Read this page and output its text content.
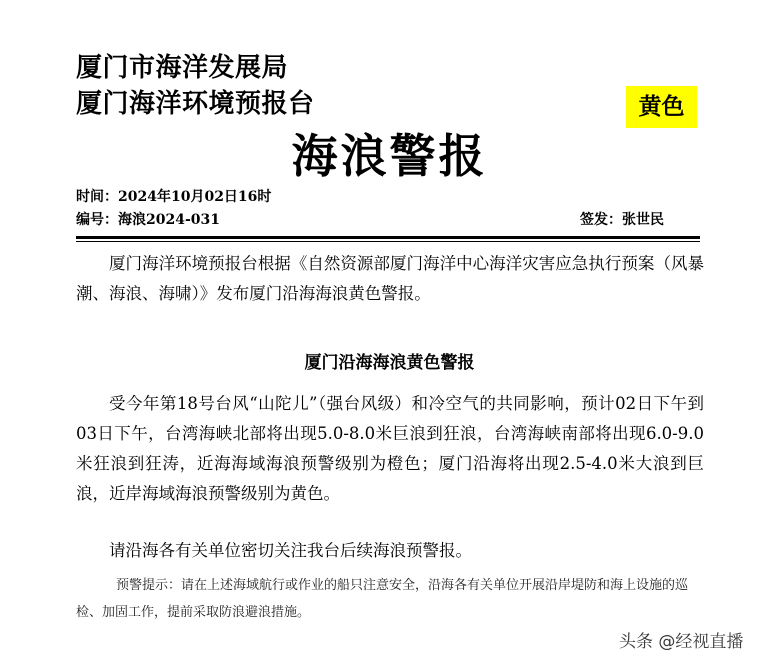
厦门市海洋发展局
厦门海洋环境预报台	黄色
海浪警报
时间：2024年10月02日16时
编号：海浪2024-031	签发：张世民
厦门海洋环境预报台根据《自然资源部厦门海洋中心海洋灾害应急执行预案（风暴潮、海浪、海啸）》发布厦门沿海海浪黄色警报。
厦门沿海海浪黄色警报
受今年第18号台风“山陀儿”（强台风级）和冷空气的共同影响，预计02日下午到03日下午，台湾海峡北部将出现5.0-8.0米巨浪到狂浪，台湾海峡南部将出现6.0-9.0米狂浪到狂涛，近海海域海浪预警级别为橙色；厦门沿海将出现2.5-4.0米大浪到巨浪，近岸海域海浪预警级别为黄色。
请沿海各有关单位密切关注我台后续海浪预警报。
预警提示：请在上述海域航行或作业的船只注意安全，沿海各有关单位开展沿岸堤防和海上设施的巡检、加固工作，提前采取防浪避浪措施。
头条 @经视直播
